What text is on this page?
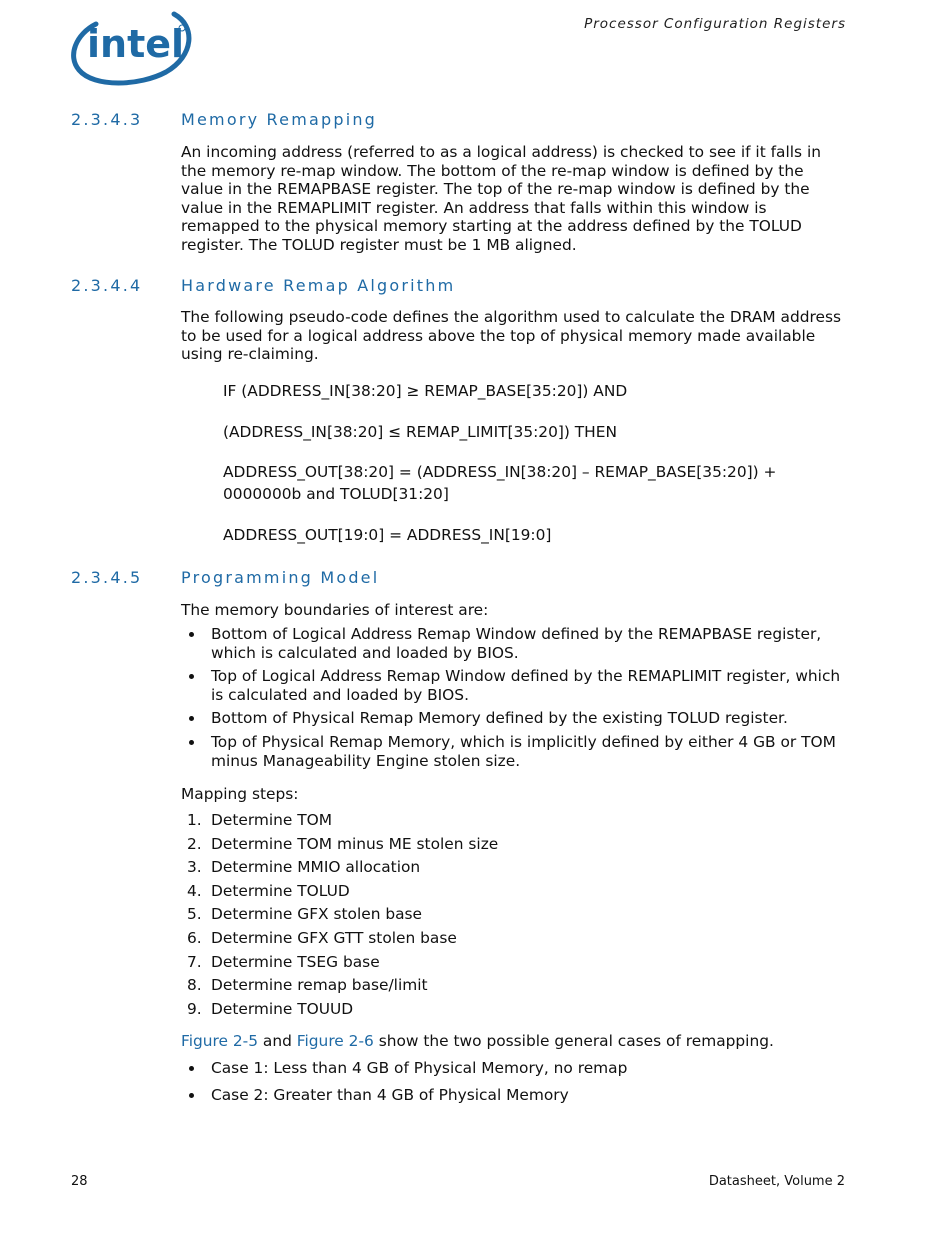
intel	Processor Configuration Registers
2.3.4.3 Memory Remapping
An incoming address (referred to as a logical address) is checked to see if it falls in the memory re-map window. The bottom of the re-map window is defined by the value in the REMAPBASE register. The top of the re-map window is defined by the value in the REMAPLIMIT register. An address that falls within this window is remapped to the physical memory starting at the address defined by the TOLUD register. The TOLUD register must be 1 MB aligned.
2.3.4.4 Hardware Remap Algorithm
The following pseudo-code defines the algorithm used to calculate the DRAM address to be used for a logical address above the top of physical memory made available using re-claiming.
IF (ADDRESS_IN[38:20] ≥ REMAP_BASE[35:20]) AND
(ADDRESS_IN[38:20] ≤ REMAP_LIMIT[35:20]) THEN
ADDRESS_OUT[38:20] = (ADDRESS_IN[38:20] – REMAP_BASE[35:20]) + 0000000b and TOLUD[31:20]
ADDRESS_OUT[19:0] = ADDRESS_IN[19:0]
2.3.4.5 Programming Model
The memory boundaries of interest are:
Bottom of Logical Address Remap Window defined by the REMAPBASE register, which is calculated and loaded by BIOS.
Top of Logical Address Remap Window defined by the REMAPLIMIT register, which is calculated and loaded by BIOS.
Bottom of Physical Remap Memory defined by the existing TOLUD register.
Top of Physical Remap Memory, which is implicitly defined by either 4 GB or TOM minus Manageability Engine stolen size.
Mapping steps:
1. Determine TOM
2. Determine TOM minus ME stolen size
3. Determine MMIO allocation
4. Determine TOLUD
5. Determine GFX stolen base
6. Determine GFX GTT stolen base
7. Determine TSEG base
8. Determine remap base/limit
9. Determine TOUUD
Figure 2-5 and Figure 2-6 show the two possible general cases of remapping.
Case 1: Less than 4 GB of Physical Memory, no remap
Case 2: Greater than 4 GB of Physical Memory
28	Datasheet, Volume 2
